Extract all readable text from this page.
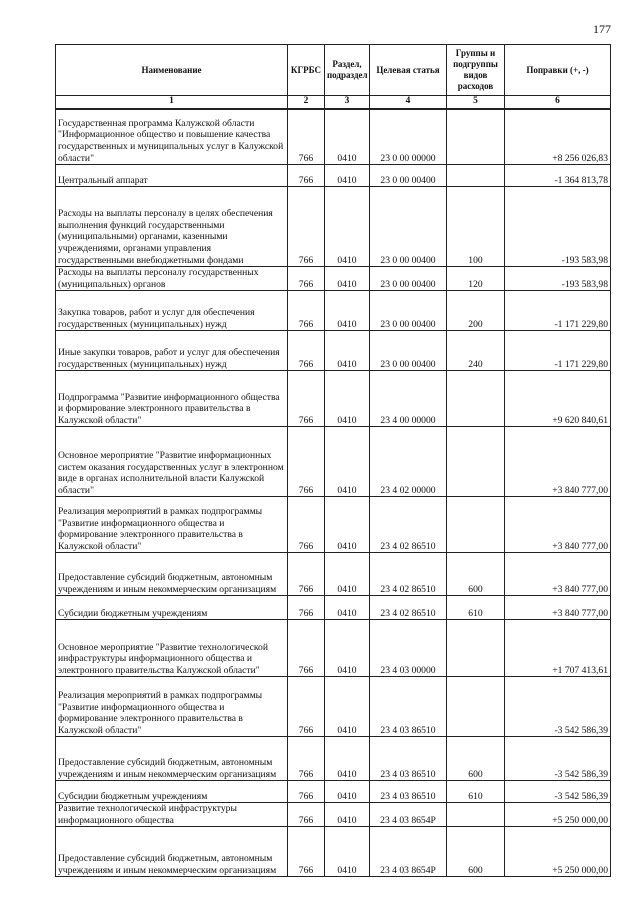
177
Наименование	КГРБС	Раздел, подраздел	Целевая статья	Группы и подгруппы видов расходов	Поправки (+, -)
1	2	3	4	5	6
Государственная программа Калужской области "Информационное общество и повышение качества государственных и муниципальных услуг в Калужской области"	766	0410	23 0 00 00000		+8 256 026,83
Центральный аппарат	766	0410	23 0 00 00400		-1 364 813,78
Расходы на выплаты персоналу в целях обеспечения выполнения функций государственными (муниципальными) органами, казенными учреждениями, органами управления государственными внебюджетными фондами	766	0410	23 0 00 00400	100	-193 583,98
Расходы на выплаты персоналу государственных (муниципальных) органов	766	0410	23 0 00 00400	120	-193 583,98
Закупка товаров, работ и услуг для обеспечения государственных (муниципальных) нужд	766	0410	23 0 00 00400	200	-1 171 229,80
Иные закупки товаров, работ и услуг для обеспечения государственных (муниципальных) нужд	766	0410	23 0 00 00400	240	-1 171 229,80
Подпрограмма "Развитие информационного общества и формирование электронного правительства в Калужской области"	766	0410	23 4 00 00000		+9 620 840,61
Основное мероприятие "Развитие информационных систем оказания государственных услуг в электронном виде в органах исполнительной власти Калужской области"	766	0410	23 4 02 00000		+3 840 777,00
Реализация мероприятий в рамках подпрограммы "Развитие информационного общества и формирование электронного правительства в Калужской области"	766	0410	23 4 02 86510		+3 840 777,00
Предоставление субсидий бюджетным, автономным учреждениям и иным некоммерческим организациям	766	0410	23 4 02 86510	600	+3 840 777,00
Субсидии бюджетным учреждениям	766	0410	23 4 02 86510	610	+3 840 777,00
Основное мероприятие "Развитие технологической инфраструктуры информационного общества и электронного правительства Калужской области"	766	0410	23 4 03 00000		+1 707 413,61
Реализация мероприятий в рамках подпрограммы "Развитие информационного общества и формирование электронного правительства в Калужской области"	766	0410	23 4 03 86510		-3 542 586,39
Предоставление субсидий бюджетным, автономным учреждениям и иным некоммерческим организациям	766	0410	23 4 03 86510	600	-3 542 586,39
Субсидии бюджетным учреждениям	766	0410	23 4 03 86510	610	-3 542 586,39
Развитие технологической инфраструктуры информационного общества	766	0410	23 4 03 8654Р		+5 250 000,00
Предоставление субсидий бюджетным, автономным учреждениям и иным некоммерческим организациям	766	0410	23 4 03 8654Р	600	+5 250 000,00
